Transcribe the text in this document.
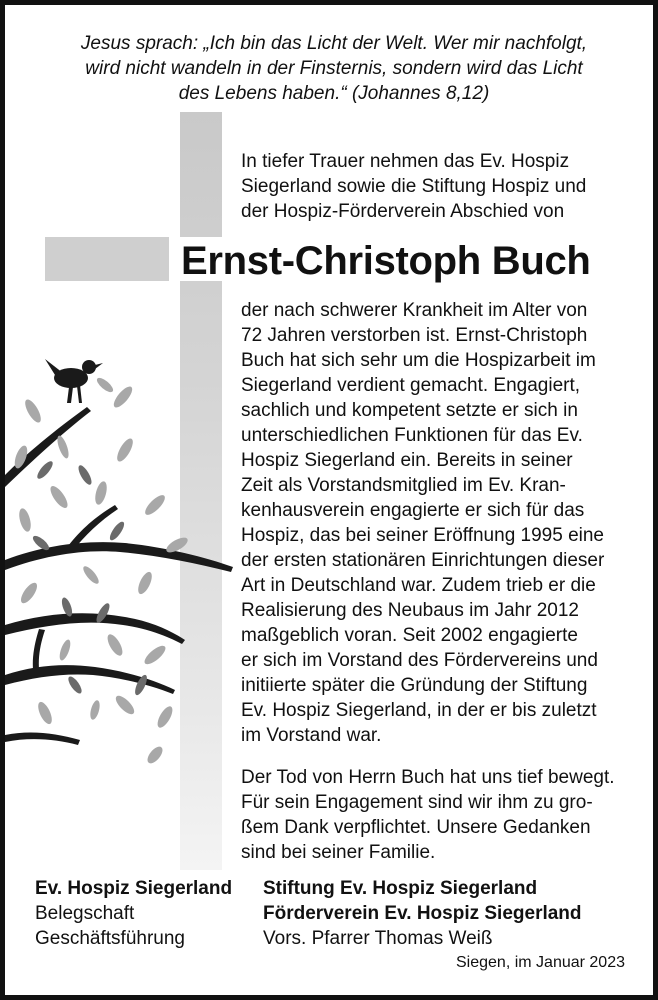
Jesus sprach: „Ich bin das Licht der Welt. Wer mir nachfolgt,
wird nicht wandeln in der Finsternis, sondern wird das Licht
des Lebens haben.“ (Johannes 8,12)
In tiefer Trauer nehmen das Ev. Hospiz
Siegerland sowie die Stiftung Hospiz und
der Hospiz-Förderverein Abschied von
Ernst-Christoph Buch
der nach schwerer Krankheit im Alter von
72 Jahren verstorben ist. Ernst-Christoph
Buch hat sich sehr um die Hospizarbeit im
Siegerland verdient gemacht. Engagiert,
sachlich und kompetent setzte er sich in
unterschiedlichen Funktionen für das Ev.
Hospiz Siegerland ein. Bereits in seiner
Zeit als Vorstandsmitglied im Ev. Kran-
kenhausverein engagierte er sich für das
Hospiz, das bei seiner Eröffnung 1995 eine
der ersten stationären Einrichtungen dieser
Art in Deutschland war. Zudem trieb er die
Realisierung des Neubaus im Jahr 2012
maßgeblich voran. Seit 2002 engagierte
er sich im Vorstand des Fördervereins und
initiierte später die Gründung der Stiftung
Ev. Hospiz Siegerland, in der er bis zuletzt
im Vorstand war.
Der Tod von Herrn Buch hat uns tief bewegt.
Für sein Engagement sind wir ihm zu gro-
ßem Dank verpflichtet. Unsere Gedanken
sind bei seiner Familie.
Ev. Hospiz Siegerland
Belegschaft
Geschäftsführung
Stiftung Ev. Hospiz Siegerland
Förderverein Ev. Hospiz Siegerland
Vors. Pfarrer Thomas Weiß
Siegen, im Januar 2023
